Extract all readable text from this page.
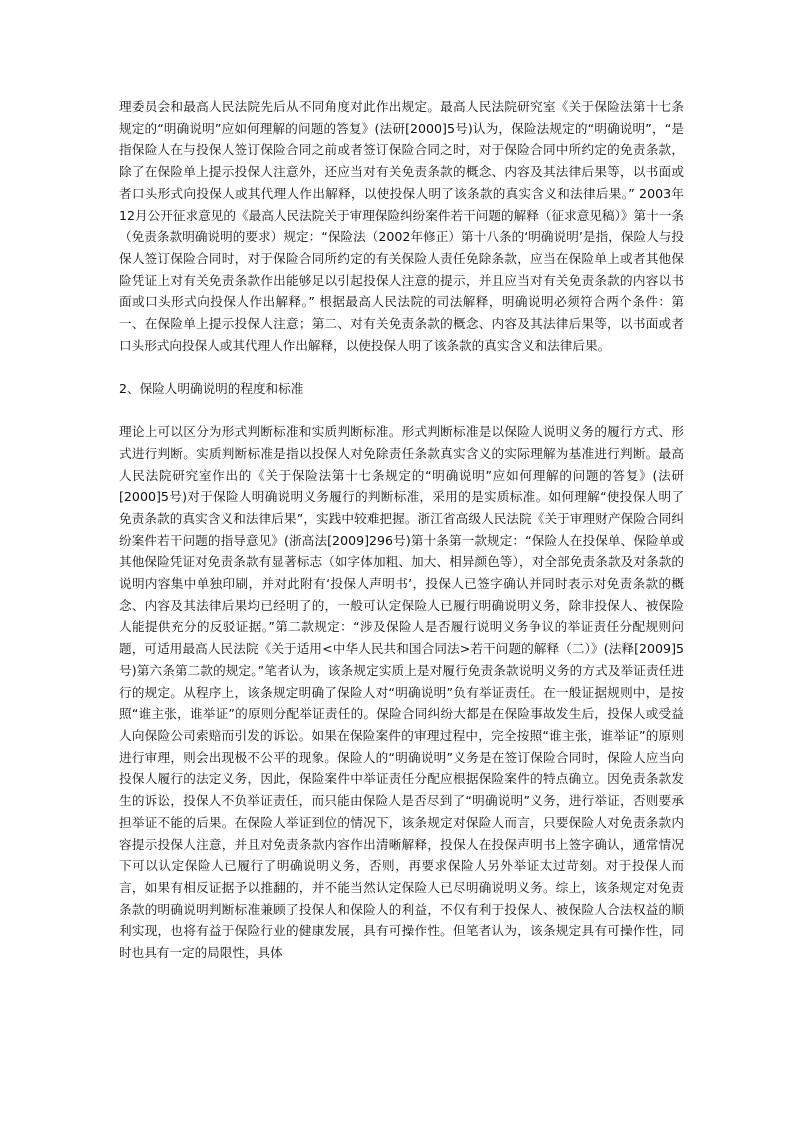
理委员会和最高人民法院先后从不同角度对此作出规定。最高人民法院研究室《关于保险法第十七条规定的“明确说明”应如何理解的问题的答复》(法研[2000]5号)认为，保险法规定的“明确说明”，“是指保险人在与投保人签订保险合同之前或者签订保险合同之时，对于保险合同中所约定的免责条款，除了在保险单上提示投保人注意外，还应当对有关免责条款的概念、内容及其法律后果等，以书面或者口头形式向投保人或其代理人作出解释，以使投保人明了该条款的真实含义和法律后果。” 2003年12月公开征求意见的《最高人民法院关于审理保险纠纷案件若干问题的解释（征求意见稿）》第十一条（免责条款明确说明的要求）规定：“保险法（2002年修正）第十八条的‘明确说明’是指，保险人与投保人签订保险合同时，对于保险合同所约定的有关保险人责任免除条款，应当在保险单上或者其他保险凭证上对有关免责条款作出能够足以引起投保人注意的提示，并且应当对有关免责条款的内容以书面或口头形式向投保人作出解释。” 根据最高人民法院的司法解释，明确说明必须符合两个条件：第一、在保险单上提示投保人注意；第二、对有关免责条款的概念、内容及其法律后果等，以书面或者口头形式向投保人或其代理人作出解释，以使投保人明了该条款的真实含义和法律后果。

2、保险人明确说明的程度和标准

理论上可以区分为形式判断标准和实质判断标准。形式判断标准是以保险人说明义务的履行方式、形式进行判断。实质判断标准是指以投保人对免除责任条款真实含义的实际理解为基准进行判断。最高人民法院研究室作出的《关于保险法第十七条规定的“明确说明”应如何理解的问题的答复》(法研[2000]5号)对于保险人明确说明义务履行的判断标准，采用的是实质标准。如何理解“使投保人明了免责条款的真实含义和法律后果”，实践中较难把握。浙江省高级人民法院《关于审理财产保险合同纠纷案件若干问题的指导意见》(浙高法[2009]296号)第十条第一款规定：“保险人在投保单、保险单或其他保险凭证对免责条款有显著标志（如字体加粗、加大、相异颜色等），对全部免责条款及对条款的说明内容集中单独印刷，并对此附有‘投保人声明书’，投保人已签字确认并同时表示对免责条款的概念、内容及其法律后果均已经明了的，一般可认定保险人已履行明确说明义务，除非投保人、被保险人能提供充分的反驳证据。”第二款规定：“涉及保险人是否履行说明义务争议的举证责任分配规则问题，可适用最高人民法院《关于适用<中华人民共和国合同法>若干问题的解释（二）》(法释[2009]5号)第六条第二款的规定。”笔者认为，该条规定实质上是对履行免责条款说明义务的方式及举证责任进行的规定。从程序上，该条规定明确了保险人对“明确说明”负有举证责任。在一般证据规则中，是按照“谁主张，谁举证”的原则分配举证责任的。保险合同纠纷大都是在保险事故发生后，投保人或受益人向保险公司索赔而引发的诉讼。如果在保险案件的审理过程中，完全按照“谁主张，谁举证”的原则进行审理，则会出现极不公平的现象。保险人的“明确说明”义务是在签订保险合同时，保险人应当向投保人履行的法定义务，因此，保险案件中举证责任分配应根据保险案件的特点确立。因免责条款发生的诉讼，投保人不负举证责任，而只能由保险人是否尽到了“明确说明”义务，进行举证，否则要承担举证不能的后果。在保险人举证到位的情况下，该条规定对保险人而言，只要保险人对免责条款内容提示投保人注意，并且对免责条款内容作出清晰解释，投保人在投保声明书上签字确认，通常情况下可以认定保险人已履行了明确说明义务，否则，再要求保险人另外举证太过苛刻。对于投保人而言，如果有相反证据予以推翻的，并不能当然认定保险人已尽明确说明义务。综上，该条规定对免责条款的明确说明判断标准兼顾了投保人和保险人的利益，不仅有利于投保人、被保险人合法权益的顺利实现，也将有益于保险行业的健康发展，具有可操作性。但笔者认为，该条规定具有可操作性，同时也具有一定的局限性，具体
